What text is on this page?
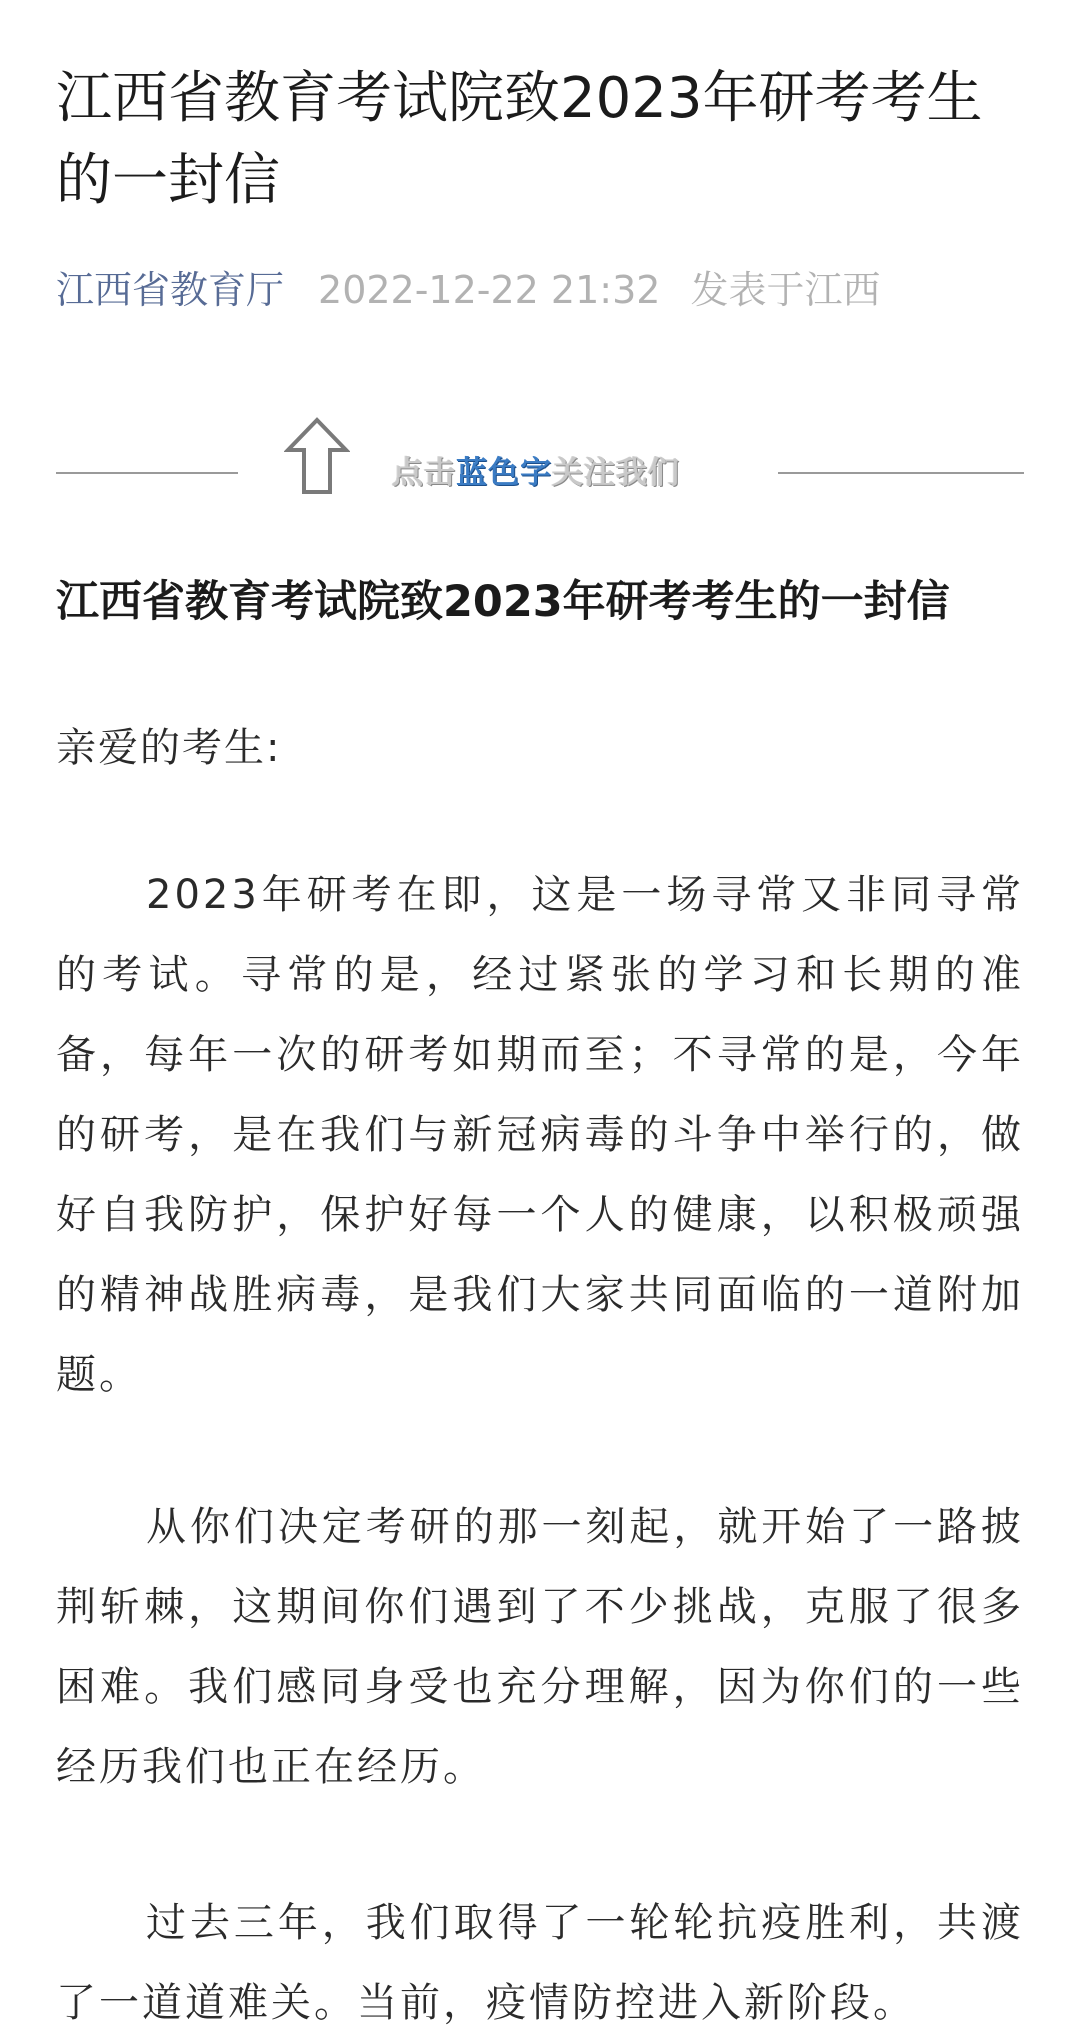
江西省教育考试院致2023年研考考生的一封信
江西省教育厅 2022-12-22 21:32 发表于江西
点击蓝色字关注我们
江西省教育考试院致2023年研考考生的一封信

亲爱的考生:

2023年研考在即，这是一场寻常又非同寻常的考试。寻常的是，经过紧张的学习和长期的准备，每年一次的研考如期而至；不寻常的是，今年的研考，是在我们与新冠病毒的斗争中举行的，做好自我防护，保护好每一个人的健康，以积极顽强的精神战胜病毒，是我们大家共同面临的一道附加题。

从你们决定考研的那一刻起，就开始了一路披荆斩棘，这期间你们遇到了不少挑战，克服了很多困难。我们感同身受也充分理解，因为你们的一些经历我们也正在经历。

过去三年，我们取得了一轮轮抗疫胜利，共渡了一道道难关。当前，疫情防控进入新阶段。
